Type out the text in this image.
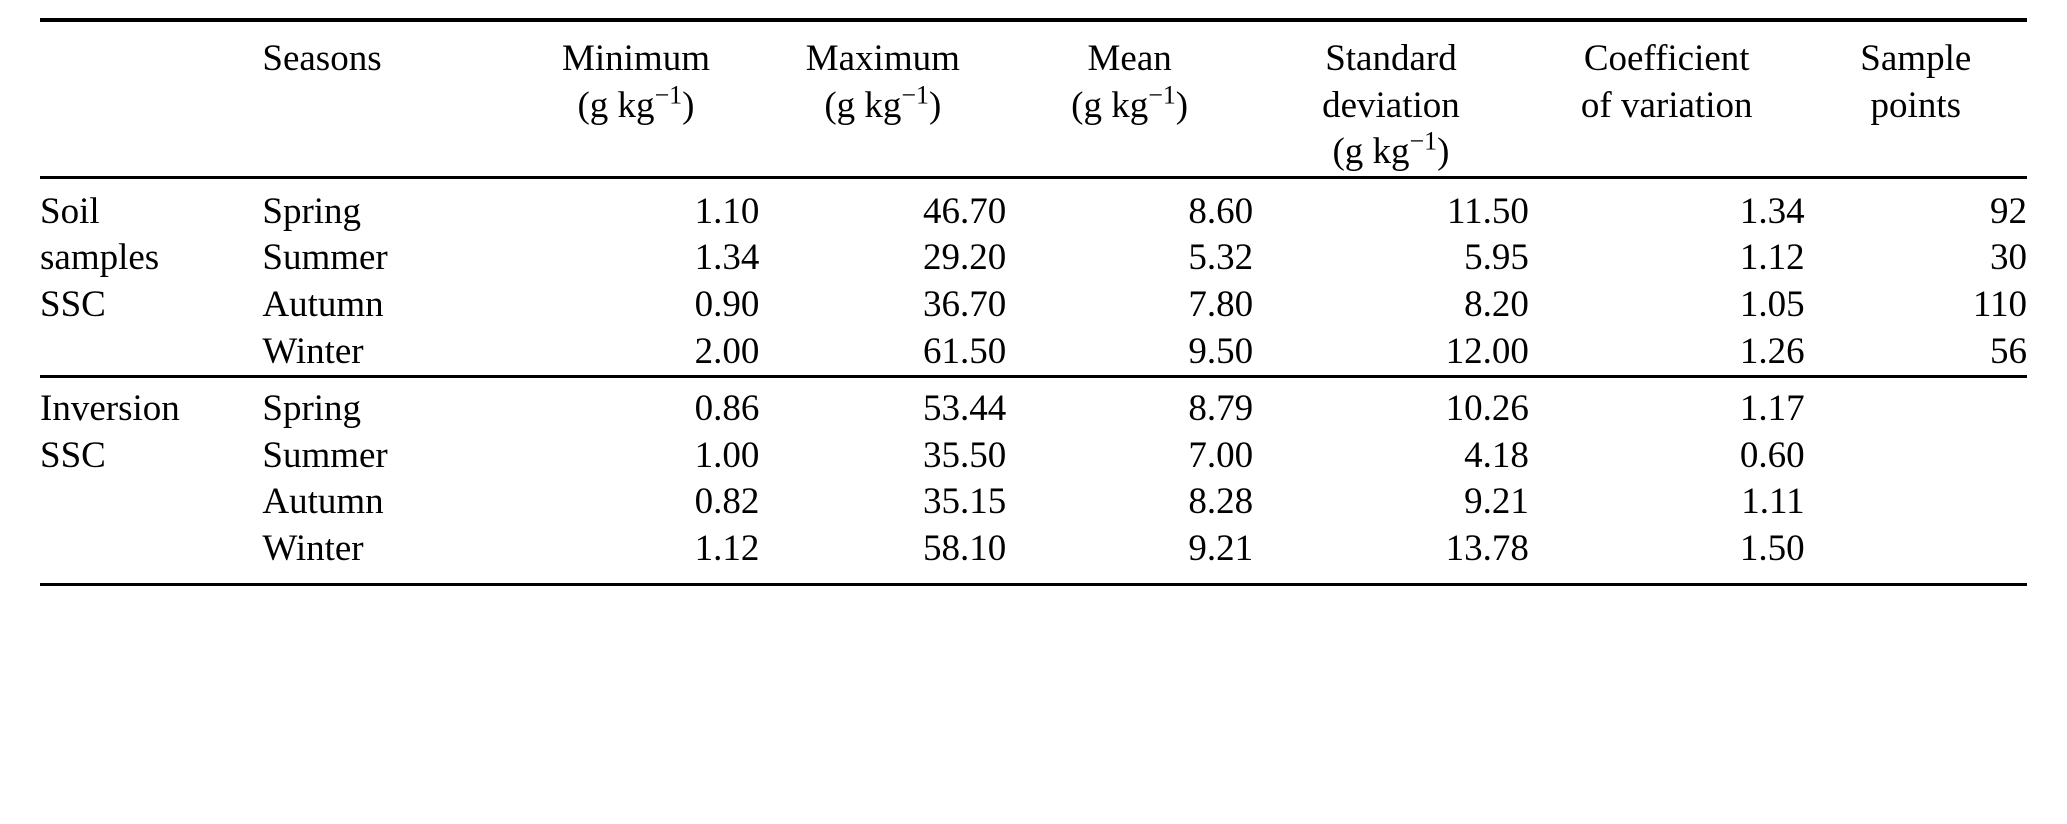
	Seasons	Minimum	Maximum	Mean	Standard	Coefficient	Sample

		(g $kg^{-1}$)	(g $kg^{-1}$)	(g $kg^{-1}$)	deviation	of variation	points

					(g $kg^{-1}$)		

Soil	Spring	1.10	46.70	8.60	11.50	1.34	92
samples	Summer	1.34	29.20	5.32	5.95	1.12	30
SSC	Autumn	0.90	36.70	7.80	8.20	1.05	110
	Winter	2.00	61.50	9.50	12.00	1.26	56

Inversion	Spring	0.86	53.44	8.79	10.26	1.17	
SSC	Summer	1.00	35.50	7.00	4.18	0.60	
	Autumn	0.82	35.15	8.28	9.21	1.11	
	Winter	1.12	58.10	9.21	13.78	1.50	
